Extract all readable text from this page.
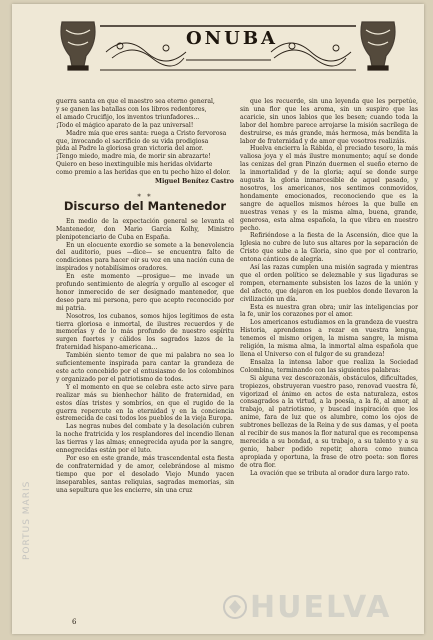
ONUBA
guerra santa en que el maestro sea eterno general,
y se ganen las batallas con los libros redentores,
el amado Crucifijo, los inventos triunfadores...
¡Todo el mágico aparato de la paz universal!
Madre mía que eres santa: ruega a Cristo fervorosa
que, invocando el sacrificio de su vida prodigiosa
pida al Padre la gloriosa gran victoria del amor.
¡Tengo miedo, madre mía, de morir sin abrazarte!
Quiero en beso inextinguible mis heridas olvidarte
como premio a las heridas que en tu pecho hizo el dolor.
Miguel Benítez Castro
* *
Discurso del Mantenedor

En medio de la expectación general se levanta el Mantenedor, don Mario García Kolhy, Ministro plenipotenciario de Cuba en España.

En un elocuente exordio se somete a la benevolencia del auditorio, pues —dice— se encuentra falto de condiciones para hacer oir su voz en una nación cuna de inspirados y notabilísimos oradores.

En este momento —prosigue— me invade un profundo sentimiento de alegría y orgullo al escoger el honor inmerecido de ser designado mantenedor, que deseo para mi persona, pero que acepto reconocido por mi patria.

Nosotros, los cubanos, somos hijos legítimos de esta tierra gloriosa e inmortal, de ilustres recuerdos y de memorias y de lo más profundo de nuestro espíritu surgen fuertes y cálidos los sagrados lazos de la fraternidad hispano-americana...

También siento temor de que mi palabra no sea lo suficientemente inspirada para cantar la grandeza de este acto concebido por el entusiasmo de los colombinos y organizado por el patriotismo de todos.

Y el momento en que se celebra este acto sirve para realizar más su bienhechor hálito de fraternidad, en estos días tristes y sombríos, en que el rugido de la guerra repercute en la eternidad y en la conciencia estremecida de casi todos los pueblos de la vieja Europa.

Las negras nubes del combate y la desolación cubren la noche fratricida y los resplandores del incendio llenan las tierras y las almas; ennegrecida ayuda por la sangre, ennegrecidas están por el luto.

Por eso en este grande, más trascendental esta fiesta de confraternidad y de amor, celebrándose al mismo tiempo que por el desolado Viejo Mundo yacen inseparables, santas reliquias, sagradas memorias, sin una sepultura que les encierre, sin una cruz

que les recuerde, sin una leyenda que les perpetúe, sin una flor que les aroma, sin un suspiro que las acaricie, sin unos labios que les besen; cuando toda la labor del hombre parece arrojarse la misión sacrílega de destruirse, es más grande, más hermosa, más bendita la labor de fraternidad y de amor que vosotros realizáis.

Huelva encierra la Rábida, el preciado tesoro, la más valiosa joya y el más ilustre monumento; aquí se donde las cenizas del gran Pinzón duermen el sueño eterno de la inmortalidad y de la gloria; aquí se donde surge augusta la gloria inmarcesible de aquel pasado, y nosotros, los americanos, nos sentimos conmovidos, hondamente emocionados, reconociendo que es la sangre de aquellos mismos héroes la que bulle en nuestras venas y es la misma alma, buena, grande, generosa, esta alma española, la que vibra en nuestro pecho.

Refiriéndose a la fiesta de la Ascensión, dice que la Iglesia no cubre de luto sus altares por la separación de Cristo que sube a la Gloria, sino que por el contrario, entona cánticos de alegría.

Así las razas cumplen una misión sagrada y mientras que el orden político se deleznable y sus ligaduras se rompen, eternamente subsisten los lazos de la unión y del afecto, que dejaron en los pueblos donde llevaron la civilización un día.

Esta es nuestra gran obra; unir las inteligencias por la fe, unir los corazones por el amor.

Los americanos estudiamos en la grandeza de vuestra Historia, aprendemos a rezar en vuestra lengua, tenemos el mismo origen, la misma sangre, la misma religión, la misma alma, la inmortal alma española que llena el Universo con el fulgor de su grandeza!

Ensalza la intensa labor que realiza la Sociedad Colombina, terminando con las siguientes palabras:

Si alguna vez descorazonáis, obstáculos, dificultades, tropiezos, obstruyeran vuestro paso, renovad vuestra fé, vigorizad el ánimo en actos de esta naturaleza, estos consagrados a la virtud, a la poesía, a la fé, al amor, al trabajo, al patriotismo, y buscad inspiración que los anime, fara de luz que os alumbre, como los ojos de subtrones bellezas de la Reina y de sus damas, y el poeta al recibir de sus manos la flor natural que es recompensa merecida a su bondad, a su trabajo, a su talento y a su genio, haber podido repetir, ahora como nunca apropiada y oportuna, la frase de otro poeta: son flores de otra flor.

La ovación que se tributa al orador dura largo rato.

6
PORTUS MARIS
HUELVA
